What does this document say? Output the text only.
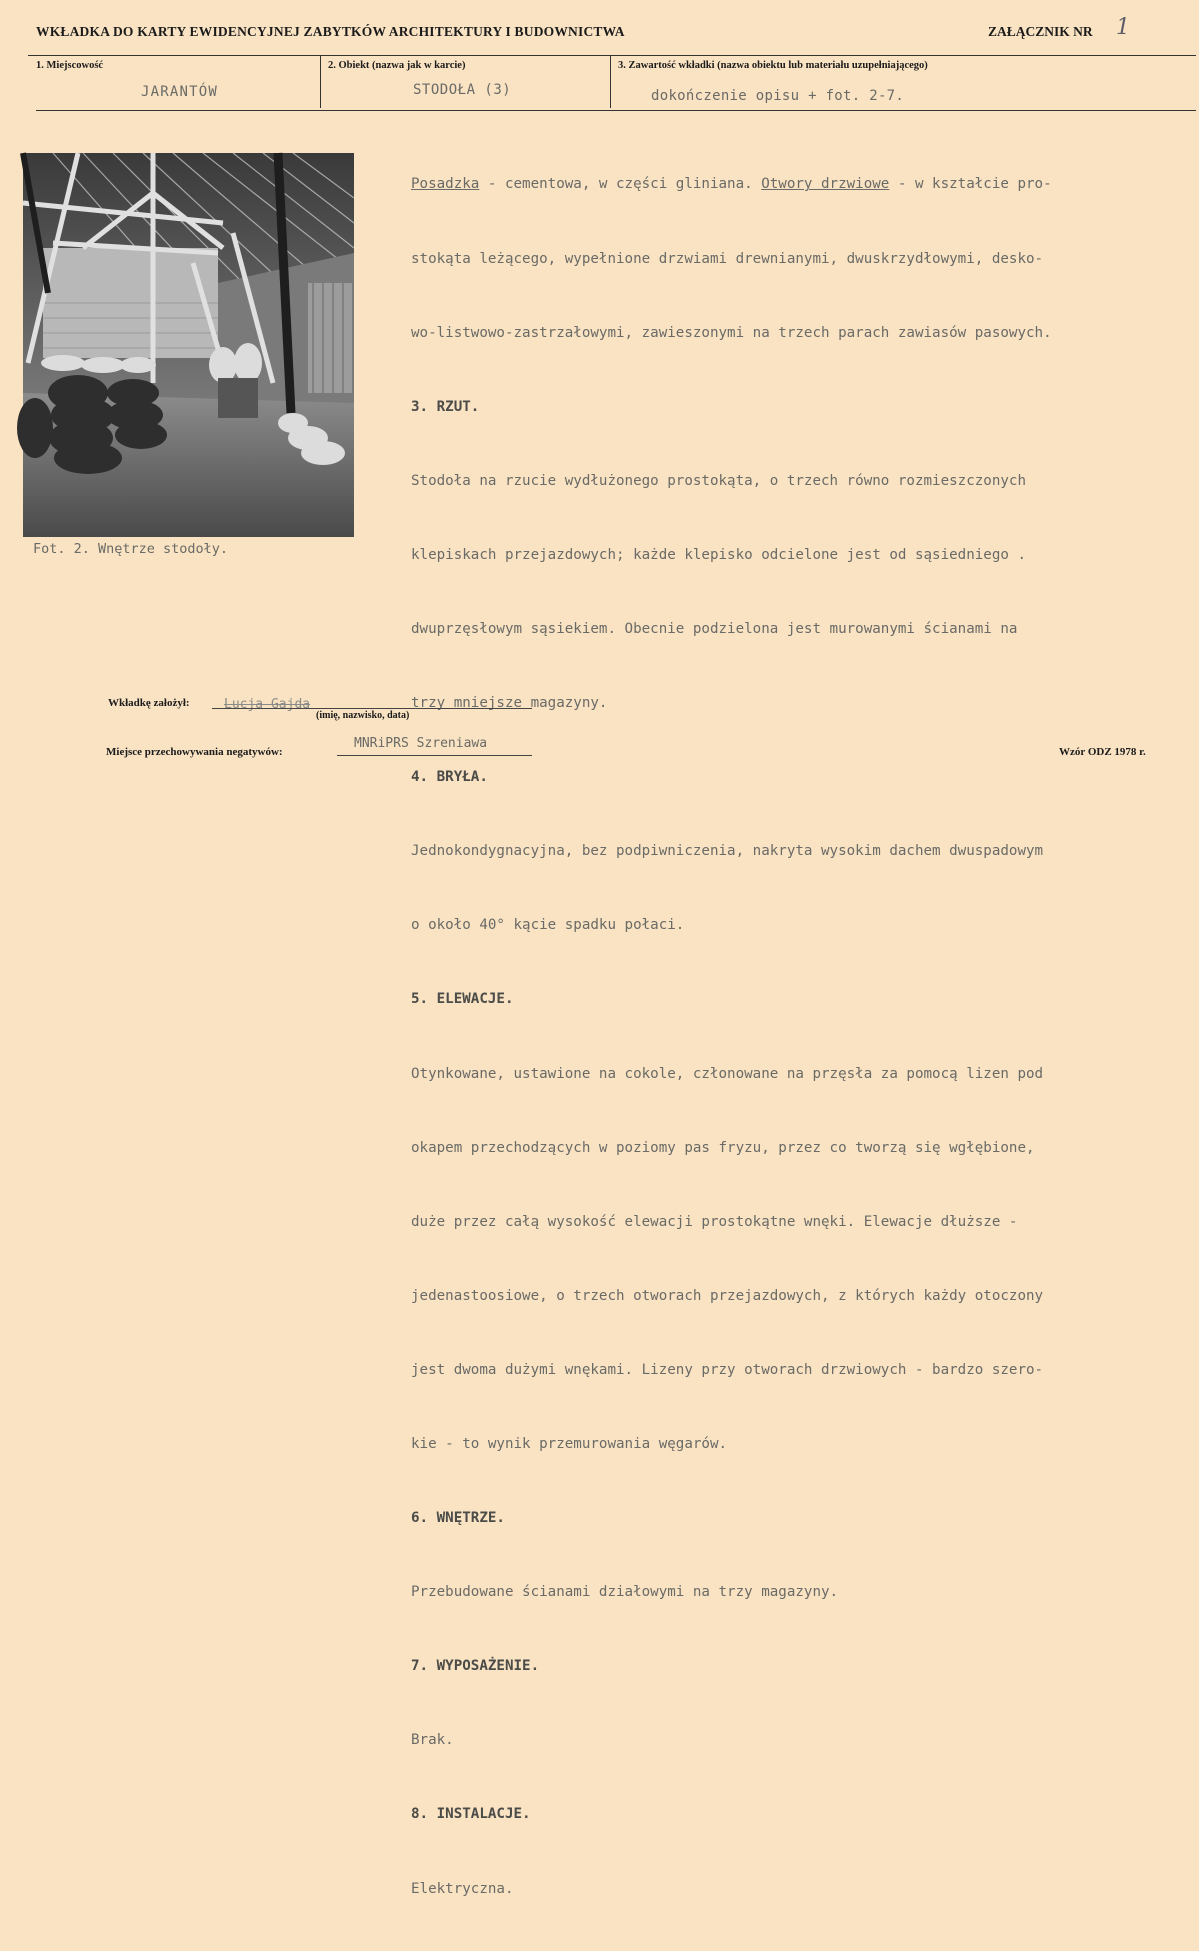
WKŁADKA DO KARTY EWIDENCYJNEJ ZABYTKÓW ARCHITEKTURY I BUDOWNICTWA	ZAŁĄCZNIK NR 1
1. Miejscowość
JARANTÓW
2. Obiekt (nazwa jak w karcie)
STODOŁA (3)
3. Zawartość wkładki (nazwa obiektu lub materiału uzupełniającego)
dokończenie opisu + fot. 2-7.
Fot. 2. Wnętrze stodoły.

Posadzka - cementowa, w części gliniana. Otwory drzwiowe - w kształcie pro-

stokąta leżącego, wypełnione drzwiami drewnianymi, dwuskrzydłowymi, desko-

wo-listwowo-zastrzałowymi, zawieszonymi na trzech parach zawiasów pasowych.

3. RZUT.

Stodoła na rzucie wydłużonego prostokąta, o trzech równo rozmieszczonych

klepiskach przejazdowych; każde klepisko odcielone jest od sąsiedniego .

dwuprzęsłowym sąsiekiem. Obecnie podzielona jest murowanymi ścianami na

trzy mniejsze magazyny.

4. BRYŁA.

Jednokondygnacyjna, bez podpiwniczenia, nakryta wysokim dachem dwuspadowym

o około 40° kącie spadku połaci.

5. ELEWACJE.

Otynkowane, ustawione na cokole, członowane na przęsła za pomocą lizen pod

okapem przechodzących w poziomy pas fryzu, przez co tworzą się wgłębione,

duże przez całą wysokość elewacji prostokątne wnęki. Elewacje dłuższe -

jedenastoosiowe, o trzech otworach przejazdowych, z których każdy otoczony

jest dwoma dużymi wnękami. Lizeny przy otworach drzwiowych - bardzo szero-

kie - to wynik przemurowania węgarów.

6. WNĘTRZE.

Przebudowane ścianami działowymi na trzy magazyny.

7. WYPOSAŻENIE.

Brak.

8. INSTALACJE.

Elektryczna.

Wkładkę założył:	Lucja Gajda
(imię, nazwisko, data)
Miejsce przechowywania negatywów:
MNRiPRS Szreniawa
Wzór ODZ 1978 r.
